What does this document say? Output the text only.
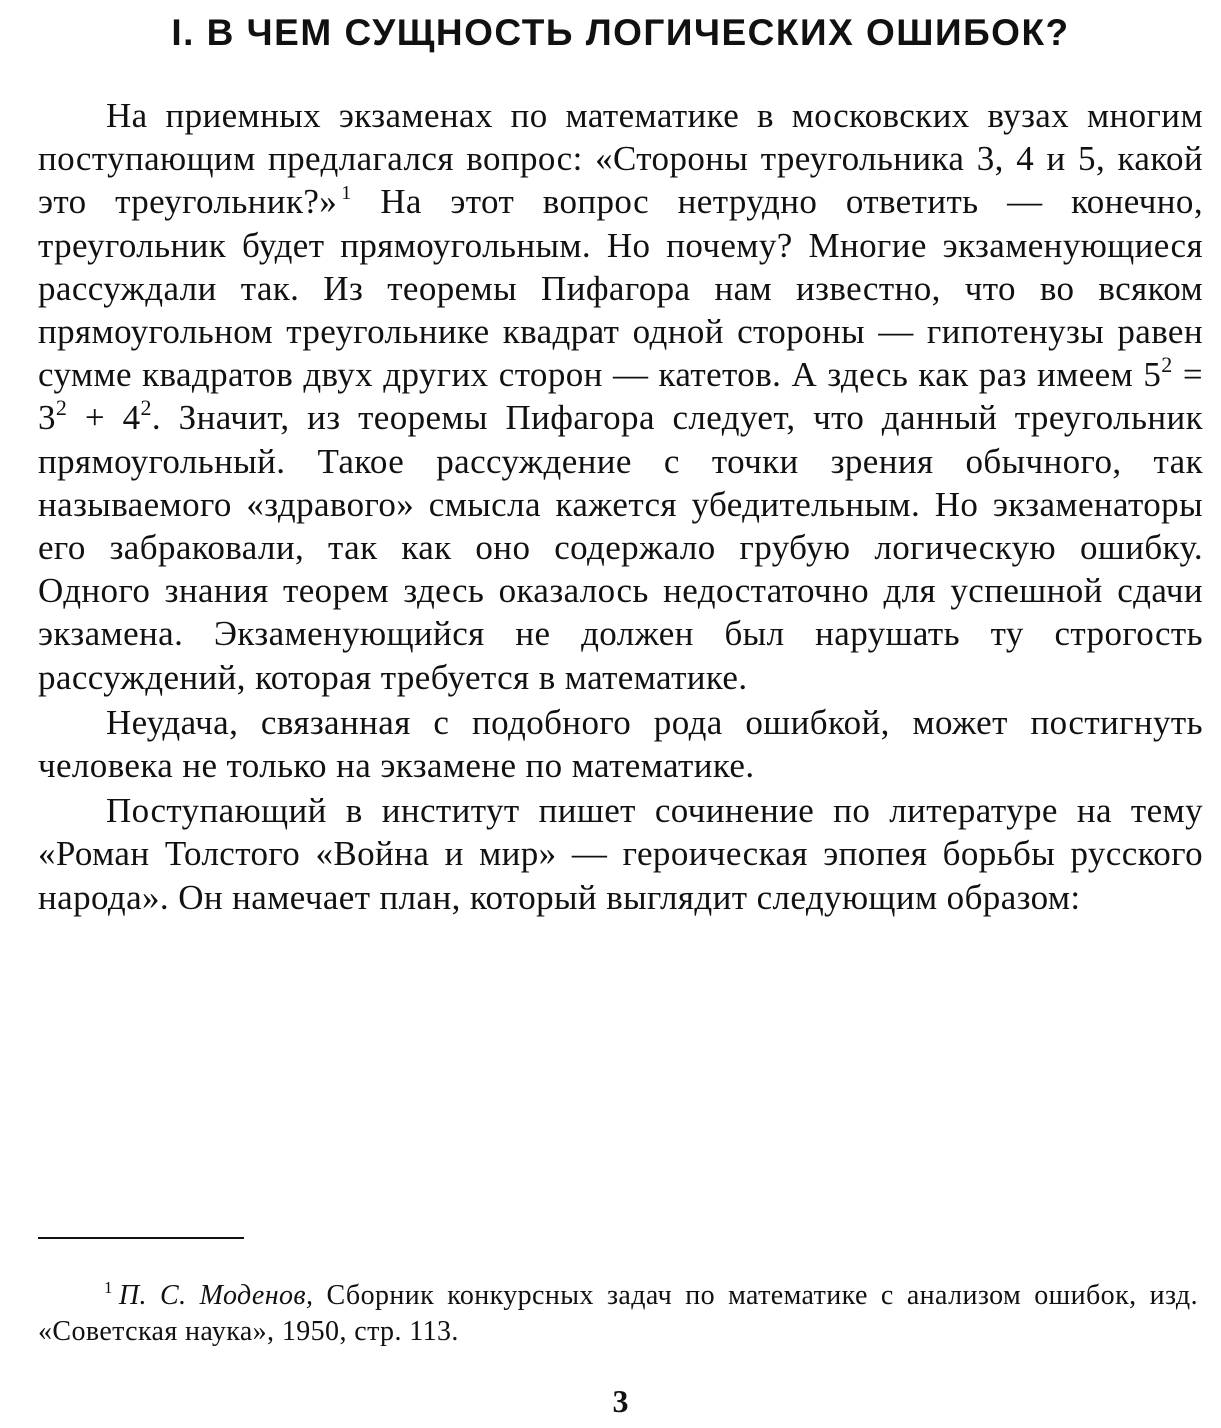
I. В ЧЕМ СУЩНОСТЬ ЛОГИЧЕСКИХ ОШИБОК?

На приемных экзаменах по математике в московских вузах многим поступающим предлагался вопрос: «Стороны треугольника 3, 4 и 5, какой это треугольник?» $^1$ На этот вопрос нетрудно ответить — конечно, треугольник будет прямоугольным. Но почему? Многие экзаменующиеся рассуждали так. Из теоремы Пифагора нам известно, что во всяком прямоугольном треугольнике квадрат одной стороны — гипотенузы равен сумме квадратов двух других сторон — катетов. А здесь как раз имеем $5^2 = 3^2 + 4^2$. Значит, из теоремы Пифагора следует, что данный треугольник прямоугольный. Такое рассуждение с точки зрения обычного, так называемого «здравого» смысла кажется убедительным. Но экзаменаторы его забраковали, так как оно содержало грубую логическую ошибку. Одного знания теорем здесь оказалось недостаточно для успешной сдачи экзамена. Экзаменующийся не должен был нарушать ту строгость рассуждений, которая требуется в математике.

Неудача, связанная с подобного рода ошибкой, может постигнуть человека не только на экзамене по математике.

Поступающий в институт пишет сочинение по литературе на тему «Роман Толстого «Война и мир» — героическая эпопея борьбы русского народа». Он намечает план, который выглядит следующим образом:

$^1$ П. С. Моденов, Сборник конкурсных задач по математике с анализом ошибок, изд. «Советская наука», 1950, стр. 113.
3
